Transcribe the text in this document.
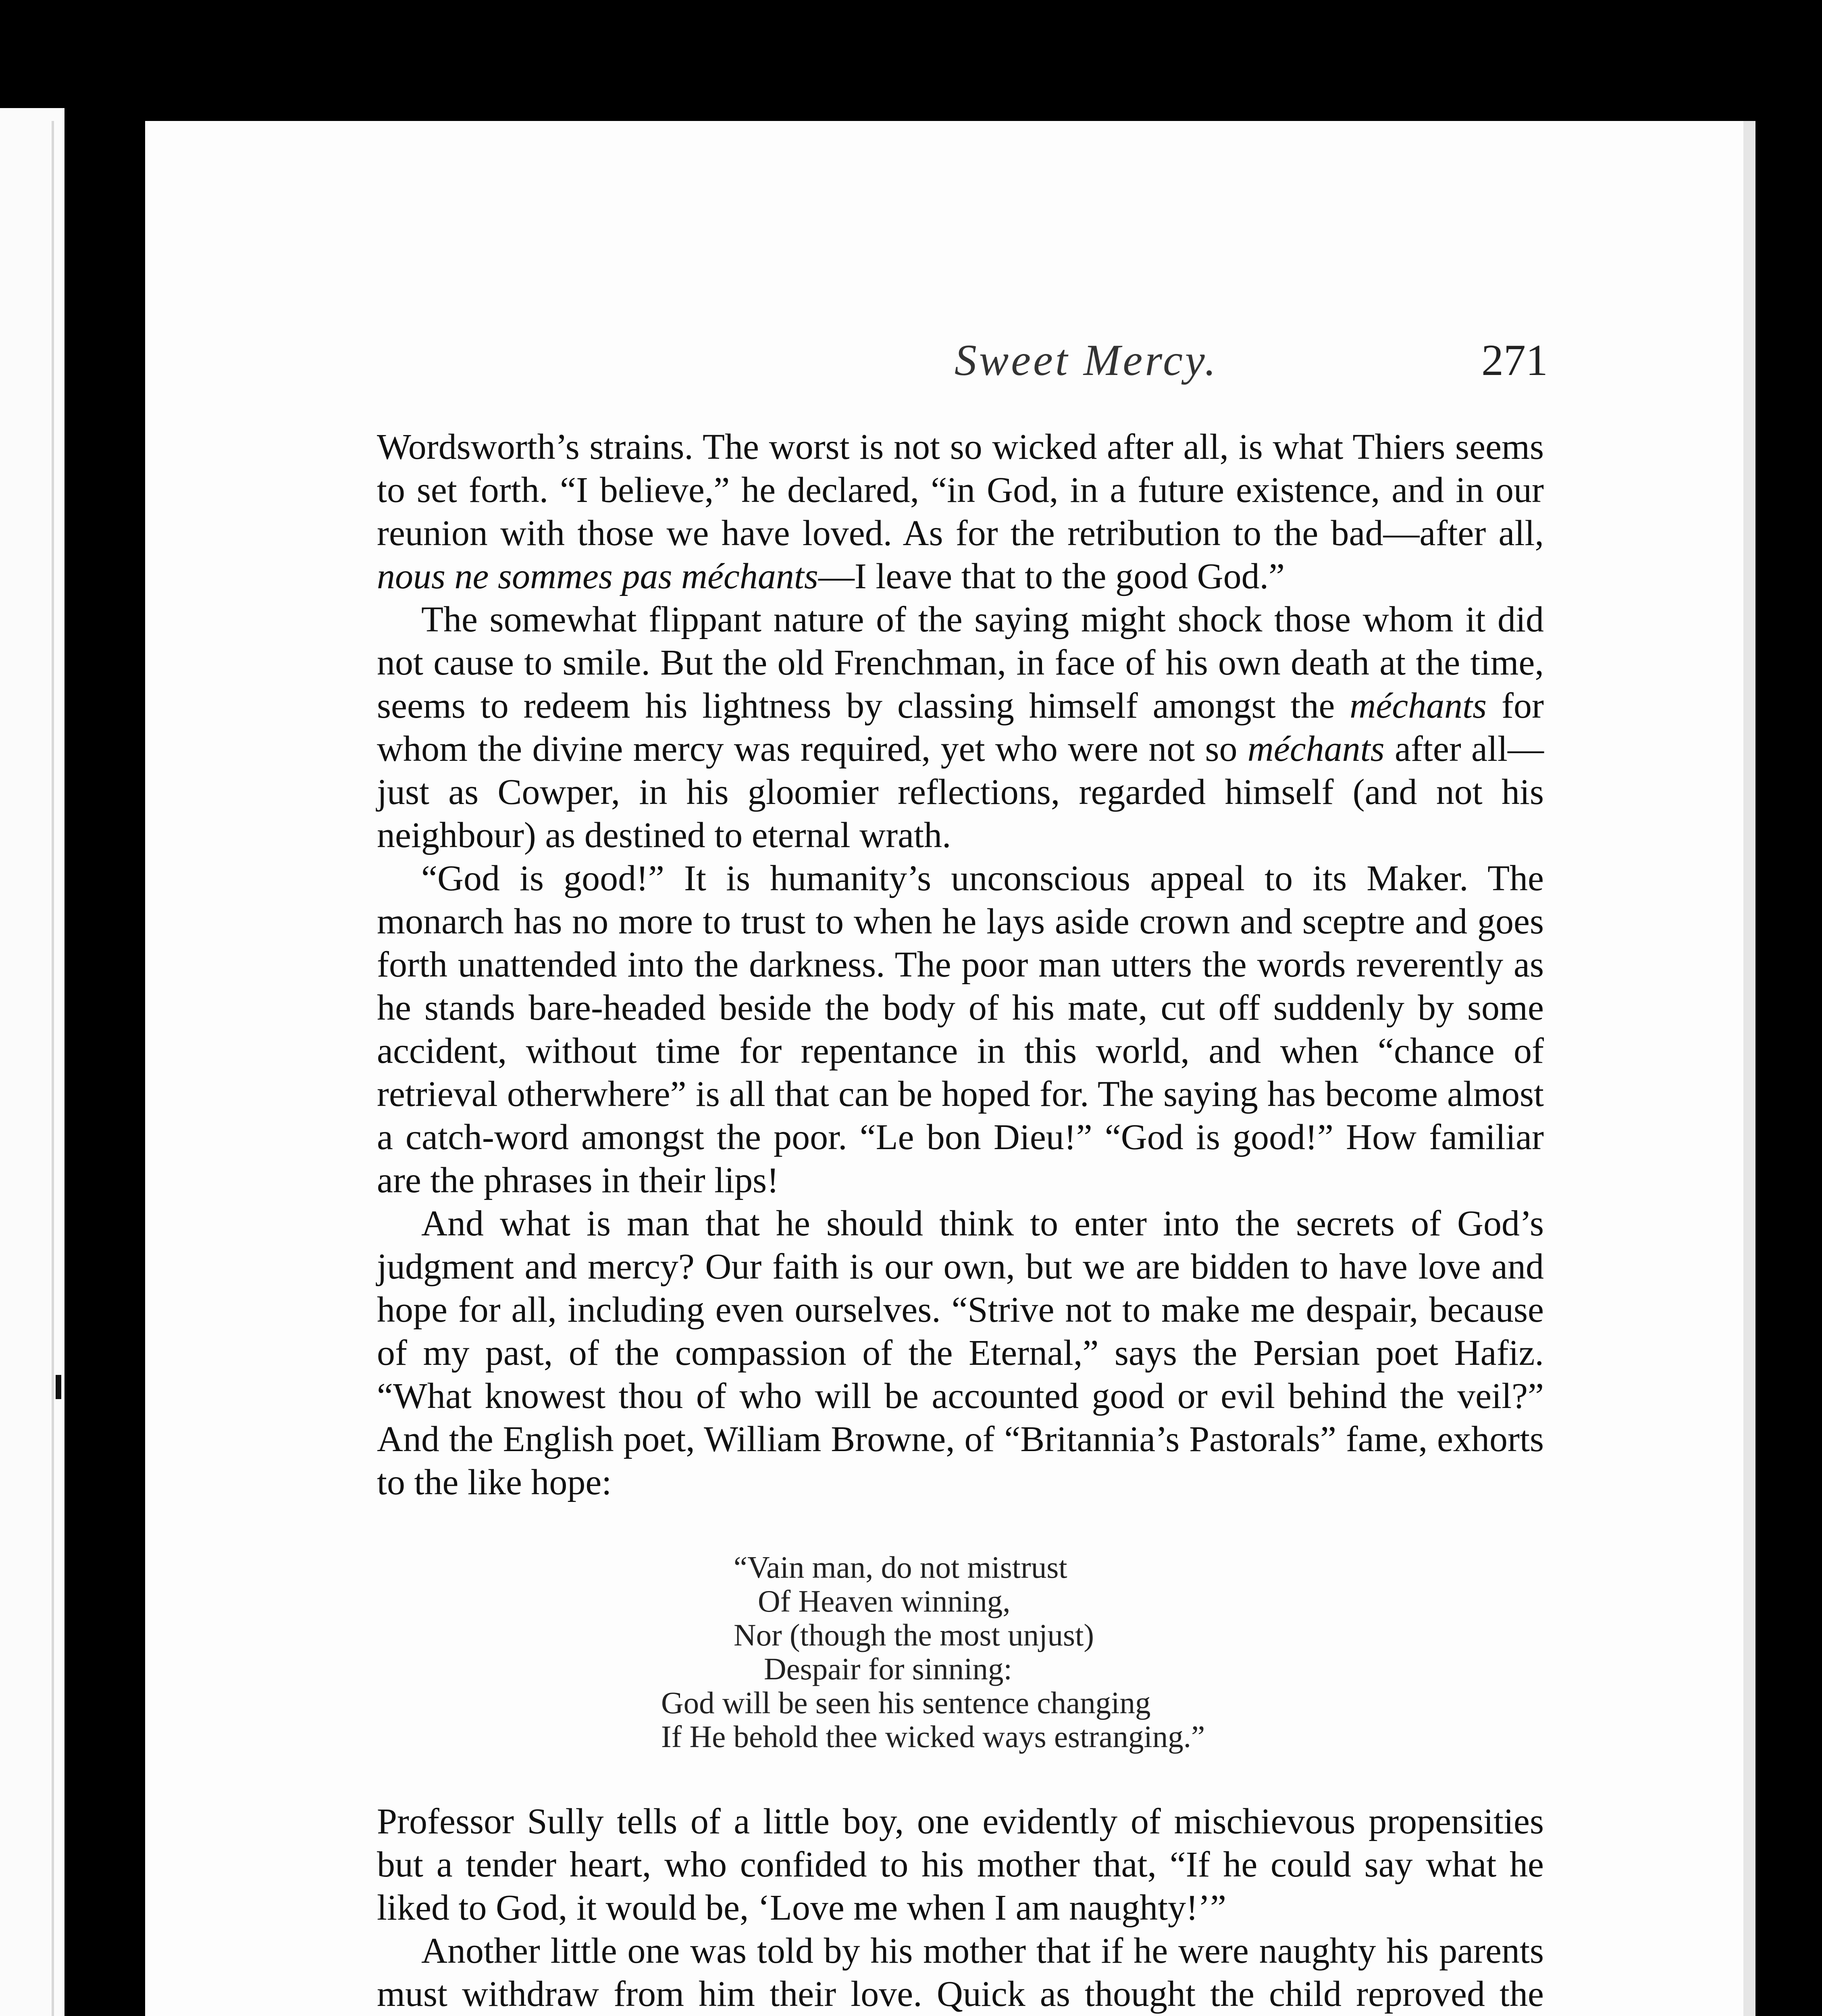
Sweet Mercy.	271

Wordsworth’s strains. The worst is not so wicked after all, is what Thiers seems to set forth. “I believe,” he declared, “in God, in a future existence, and in our reunion with those we have loved. As for the retribution to the bad—after all, nous ne sommes pas méchants—I leave that to the good God.”

The somewhat flippant nature of the saying might shock those whom it did not cause to smile. But the old Frenchman, in face of his own death at the time, seems to redeem his lightness by classing himself amongst the méchants for whom the divine mercy was required, yet who were not so méchants after all—just as Cowper, in his gloomier reflections, regarded himself (and not his neighbour) as destined to eternal wrath.

“God is good!” It is humanity’s unconscious appeal to its Maker. The monarch has no more to trust to when he lays aside crown and sceptre and goes forth unattended into the darkness. The poor man utters the words reverently as he stands bare-headed beside the body of his mate, cut off suddenly by some accident, without time for repentance in this world, and when “chance of retrieval otherwhere” is all that can be hoped for. The saying has become almost a catch-word amongst the poor. “Le bon Dieu!” “God is good!” How familiar are the phrases in their lips!

And what is man that he should think to enter into the secrets of God’s judgment and mercy? Our faith is our own, but we are bidden to have love and hope for all, including even ourselves. “Strive not to make me despair, because of my past, of the compassion of the Eternal,” says the Persian poet Hafiz. “What knowest thou of who will be accounted good or evil behind the veil?” And the English poet, William Browne, of “Britannia’s Pastorals” fame, exhorts to the like hope:

“Vain man, do not mistrust
Of Heaven winning,
Nor (though the most unjust)
Despair for sinning:
God will be seen his sentence changing
If He behold thee wicked ways estranging.”

Professor Sully tells of a little boy, one evidently of mischievous propensities but a tender heart, who confided to his mother that, “If he could say what he liked to God, it would be, ‘Love me when I am naughty!’”

Another little one was told by his mother that if he were naughty his parents must withdraw from him their love. Quick as thought the child reproved the
